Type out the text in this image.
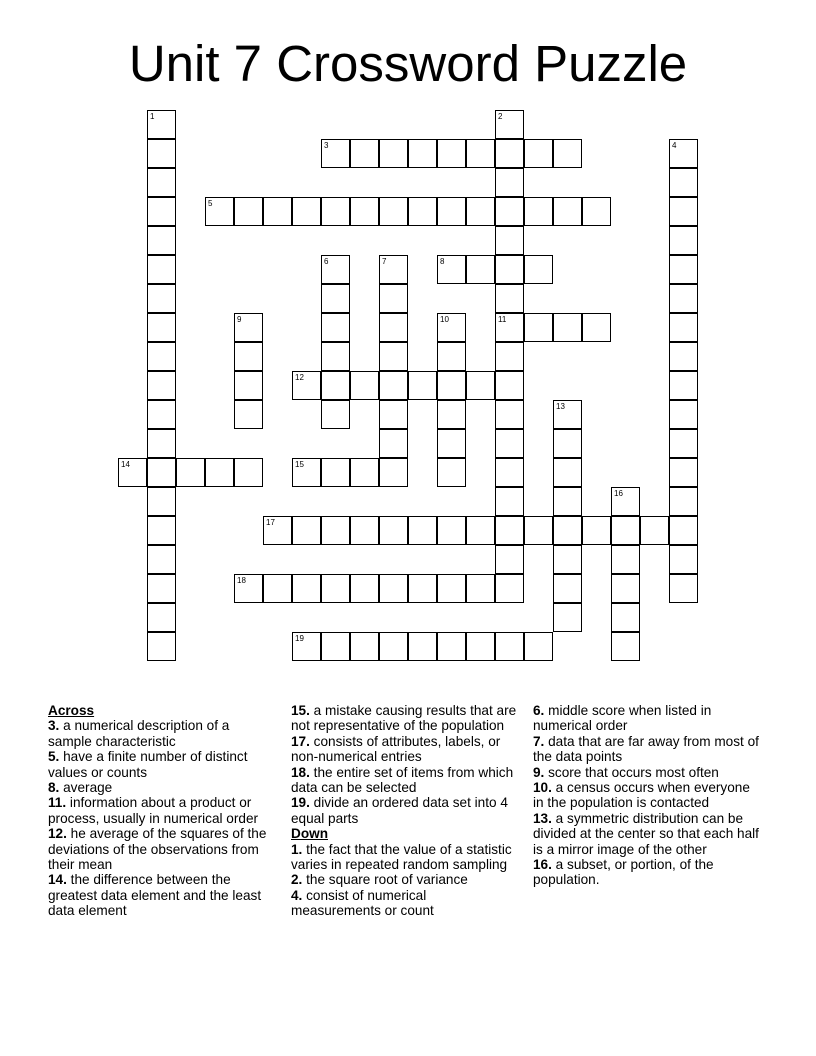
Unit 7 Crossword Puzzle
1	2
11
3	4
5
6	7	8
9	10
12
13
14	15
16
17
18
19
Across
3. a numerical description of a sample characteristic
5. have a finite number of distinct values or counts
8. average
11. information about a product or process, usually in numerical order
12. he average of the squares of the deviations of the observations from their mean
14. the difference between the greatest data element and the least data element
15. a mistake causing results that are not representative of the population
17. consists of attributes, labels, or non-numerical entries
18. the entire set of items from which data can be selected
19. divide an ordered data set into 4 equal parts
Down
1. the fact that the value of a statistic varies in repeated random sampling
2. the square root of variance
4. consist of numerical measurements or count
6. middle score when listed in numerical order
7. data that are far away from most of the data points
9. score that occurs most often
10. a census occurs when everyone in the population is contacted
13. a symmetric distribution can be divided at the center so that each half is a mirror image of the other
16. a subset, or portion, of the population.
